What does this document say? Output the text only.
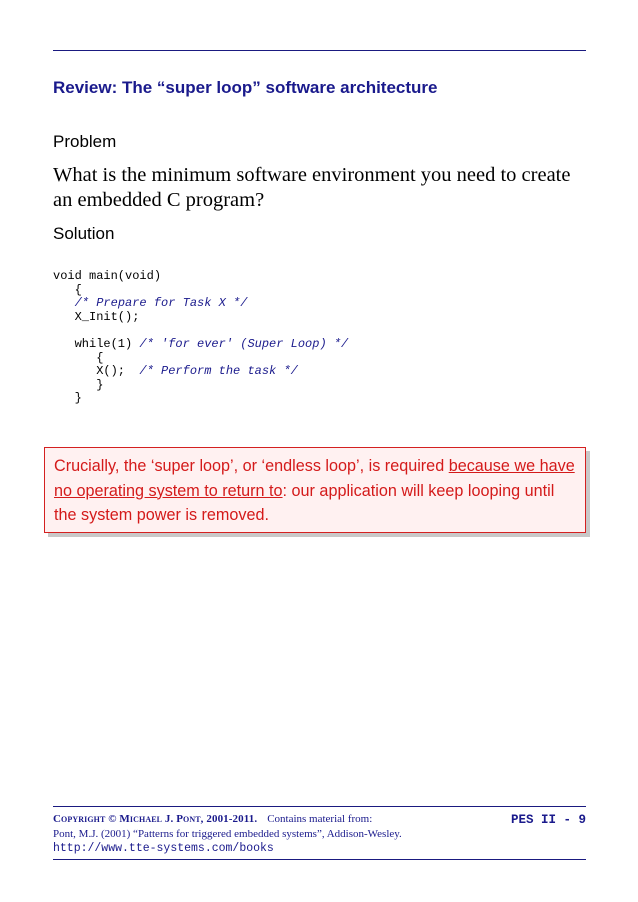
Review: The “super loop” software architecture

Problem

What is the minimum software environment you need to create an embedded C program?

Solution

void main(void)
{
/* Prepare for Task X */
X_Init();
while(1) /* 'for ever' (Super Loop) */
{
X();  /* Perform the task */
}
}
Crucially, the ‘super loop’, or ‘endless loop’, is required because we have no operating system to return to: our application will keep looping until the system power is removed.
Copyright © Michael J. Pont, 2001-2011. Contains material from:
Pont, M.J. (2001) “Patterns for triggered embedded systems”, Addison-Wesley.
http://www.tte-systems.com/books
PES II - 9
